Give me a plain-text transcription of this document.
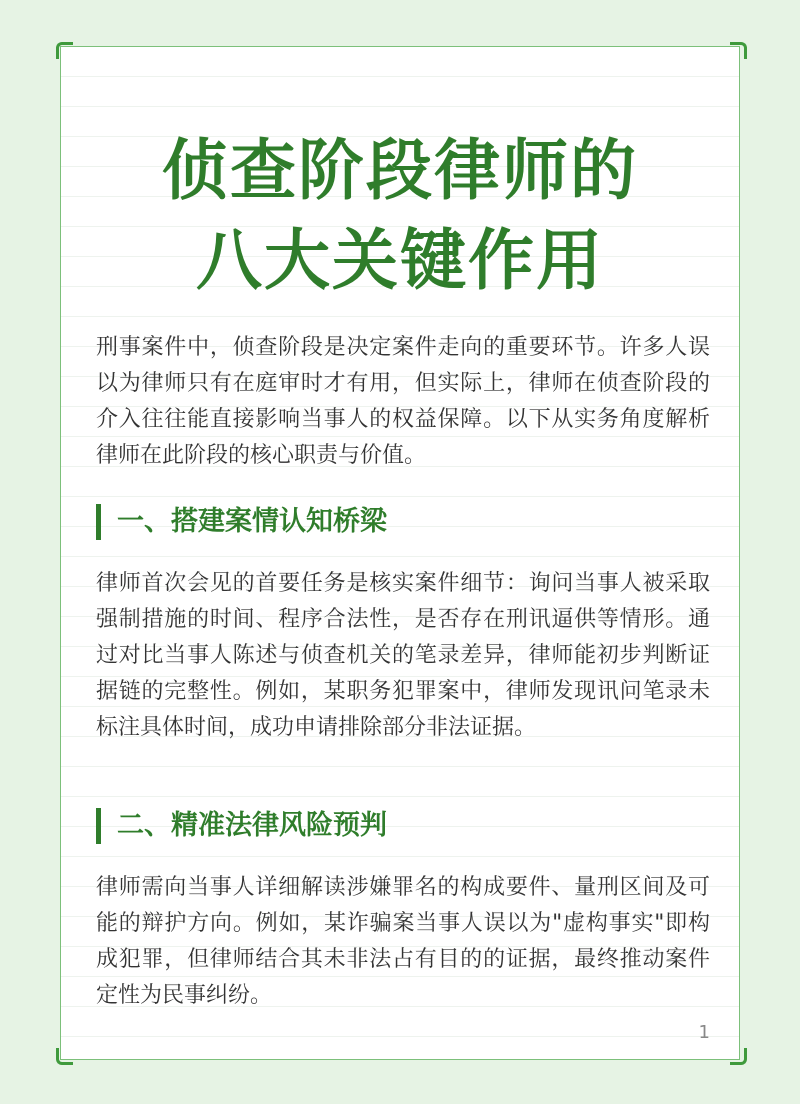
侦查阶段律师的
八大关键作用

刑事案件中，侦查阶段是决定案件走向的重要环节。许多人误以为律师只有在庭审时才有用，但实际上，律师在侦查阶段的介入往往能直接影响当事人的权益保障。以下从实务角度解析律师在此阶段的核心职责与价值。

一、搭建案情认知桥梁

律师首次会见的首要任务是核实案件细节：询问当事人被采取强制措施的时间、程序合法性，是否存在刑讯逼供等情形。通过对比当事人陈述与侦查机关的笔录差异，律师能初步判断证据链的完整性。例如，某职务犯罪案中，律师发现讯问笔录未标注具体时间，成功申请排除部分非法证据。

二、精准法律风险预判

律师需向当事人详细解读涉嫌罪名的构成要件、量刑区间及可能的辩护方向。例如，某诈骗案当事人误以为"虚构事实"即构成犯罪，但律师结合其未非法占有目的的证据，最终推动案件定性为民事纠纷。

1
